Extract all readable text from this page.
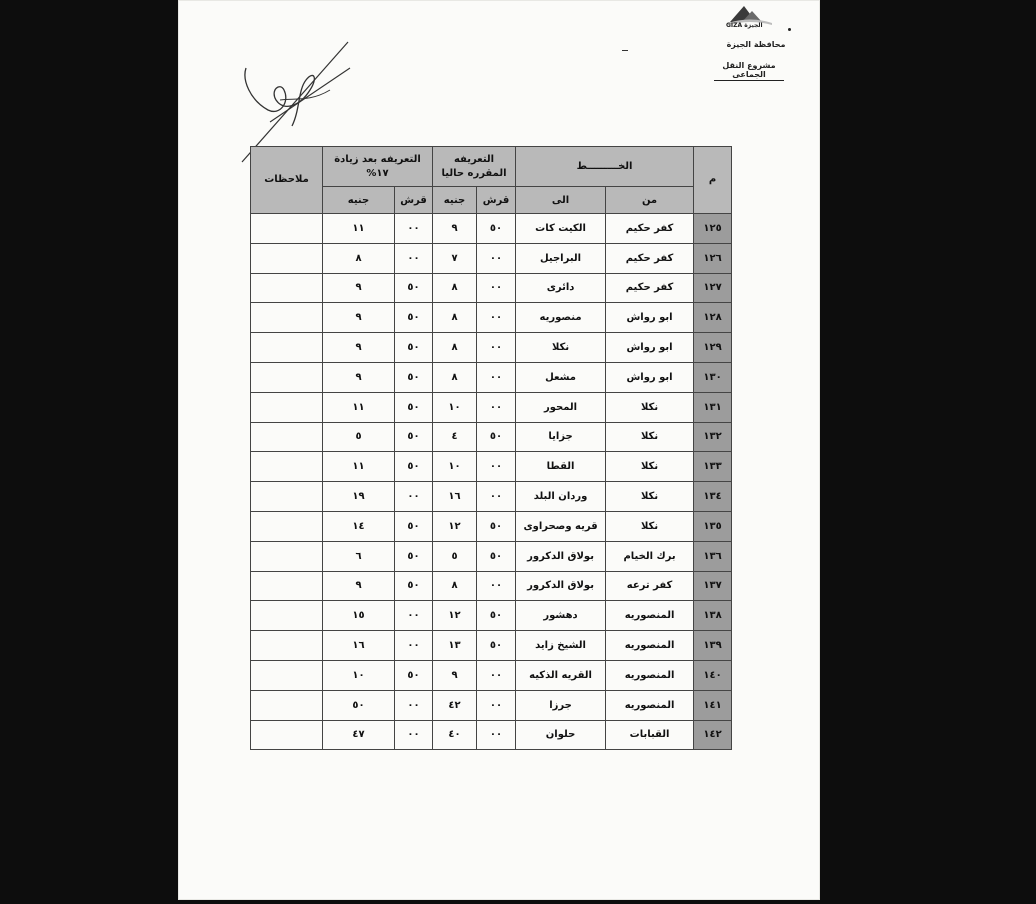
GIZA الجيزة
محافظة الجيزة
مشروع النقل الجماعى
م	الخـــــــــط		التعريفه المقرره حاليا		التعريفه بعد زيادة ١٧%		ملاحظات
	من	الى	قرش	جنيه	قرش	جنيه	
١٢٥	كفر حكيم	الكيت كات	٥٠	٩	٠٠	١١	
١٢٦	كفر حكيم	البراجيل	٠٠	٧	٠٠	٨	
١٢٧	كفر حكيم	دائرى	٠٠	٨	٥٠	٩	
١٢٨	ابو رواش	منصوريه	٠٠	٨	٥٠	٩	
١٢٩	ابو رواش	نكلا	٠٠	٨	٥٠	٩	
١٣٠	ابو رواش	مشعل	٠٠	٨	٥٠	٩	
١٣١	نكلا	المحور	٠٠	١٠	٥٠	١١	
١٣٢	نكلا	جزايا	٥٠	٤	٥٠	٥	
١٣٣	نكلا	القطا	٠٠	١٠	٥٠	١١	
١٣٤	نكلا	وردان البلد	٠٠	١٦	٠٠	١٩	
١٣٥	نكلا	قريه وصحراوى	٥٠	١٢	٥٠	١٤	
١٣٦	برك الخيام	بولاق الدكرور	٥٠	٥	٥٠	٦	
١٣٧	كفر ترعه	بولاق الدكرور	٠٠	٨	٥٠	٩	
١٣٨	المنصوريه	دهشور	٥٠	١٢	٠٠	١٥	
١٣٩	المنصوريه	الشيخ زايد	٥٠	١٣	٠٠	١٦	
١٤٠	المنصوريه	القريه الذكيه	٠٠	٩	٥٠	١٠	
١٤١	المنصوريه	جرزا	٠٠	٤٢	٠٠	٥٠	
١٤٢	القبابات	حلوان	٠٠	٤٠	٠٠	٤٧	
